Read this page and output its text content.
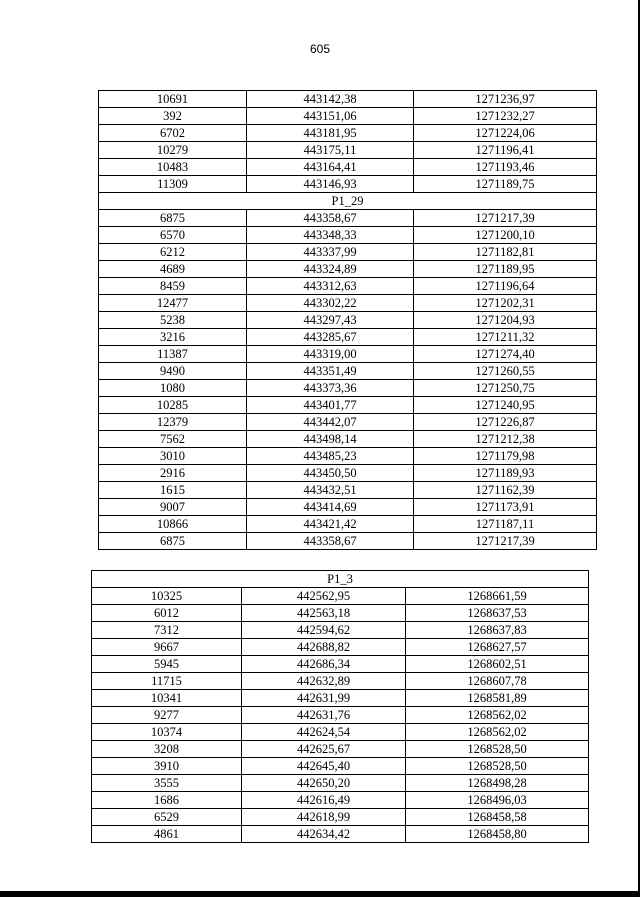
605
10691	443142,38	1271236,97
392	443151,06	1271232,27
6702	443181,95	1271224,06
10279	443175,11	1271196,41
10483	443164,41	1271193,46
11309	443146,93	1271189,75
P1_29		
6875	443358,67	1271217,39
6570	443348,33	1271200,10
6212	443337,99	1271182,81
4689	443324,89	1271189,95
8459	443312,63	1271196,64
12477	443302,22	1271202,31
5238	443297,43	1271204,93
3216	443285,67	1271211,32
11387	443319,00	1271274,40
9490	443351,49	1271260,55
1080	443373,36	1271250,75
10285	443401,77	1271240,95
12379	443442,07	1271226,87
7562	443498,14	1271212,38
3010	443485,23	1271179,98
2916	443450,50	1271189,93
1615	443432,51	1271162,39
9007	443414,69	1271173,91
10866	443421,42	1271187,11
6875	443358,67	1271217,39
P1_3		
10325	442562,95	1268661,59
6012	442563,18	1268637,53
7312	442594,62	1268637,83
9667	442688,82	1268627,57
5945	442686,34	1268602,51
11715	442632,89	1268607,78
10341	442631,99	1268581,89
9277	442631,76	1268562,02
10374	442624,54	1268562,02
3208	442625,67	1268528,50
3910	442645,40	1268528,50
3555	442650,20	1268498,28
1686	442616,49	1268496,03
6529	442618,99	1268458,58
4861	442634,42	1268458,80
